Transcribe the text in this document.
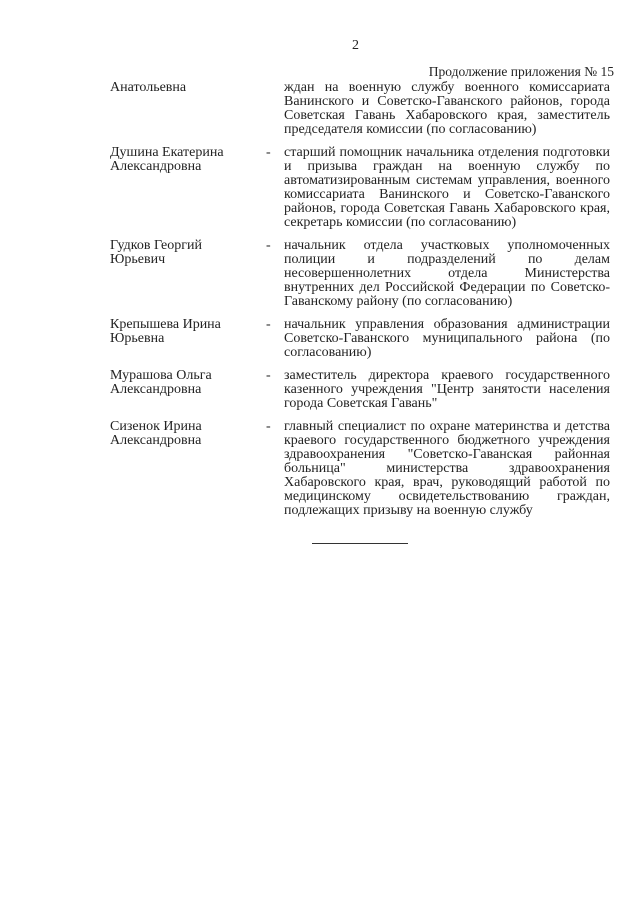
2
Продолжение приложения № 15
Анатольевна	ждан на военную службу военного комиссариата Ванинского и Советско-Гаванского районов, города Советская Гавань Хабаровского края, заместитель председателя комиссии (по согласованию)
Душина Екатерина
Александровна
- старший помощник начальника отделения подготовки и призыва граждан на военную службу по автоматизированным системам управления, военного комиссариата Ванинского и Советско-Гаванского районов, города Советская Гавань Хабаровского края, секретарь комиссии (по согласованию)
Гудков Георгий
Юрьевич
- начальник отдела участковых уполномоченных полиции и подразделений по делам несовершеннолетних отдела Министерства внутренних дел Российской Федерации по Советско-Гаванскому району (по согласованию)
Крепышева Ирина
Юрьевна
- начальник управления образования администрации Советско-Гаванского муниципального района (по согласованию)
Мурашова Ольга
Александровна
- заместитель директора краевого государственного казенного учреждения "Центр занятости населения города Советская Гавань"
Сизенок Ирина
Александровна
- главный специалист по охране материнства и детства краевого государственного бюджетного учреждения здравоохранения "Советско-Гаванская районная больница" министерства здравоохранения Хабаровского края, врач, руководящий работой по медицинскому освидетельствованию граждан, подлежащих призыву на военную службу
